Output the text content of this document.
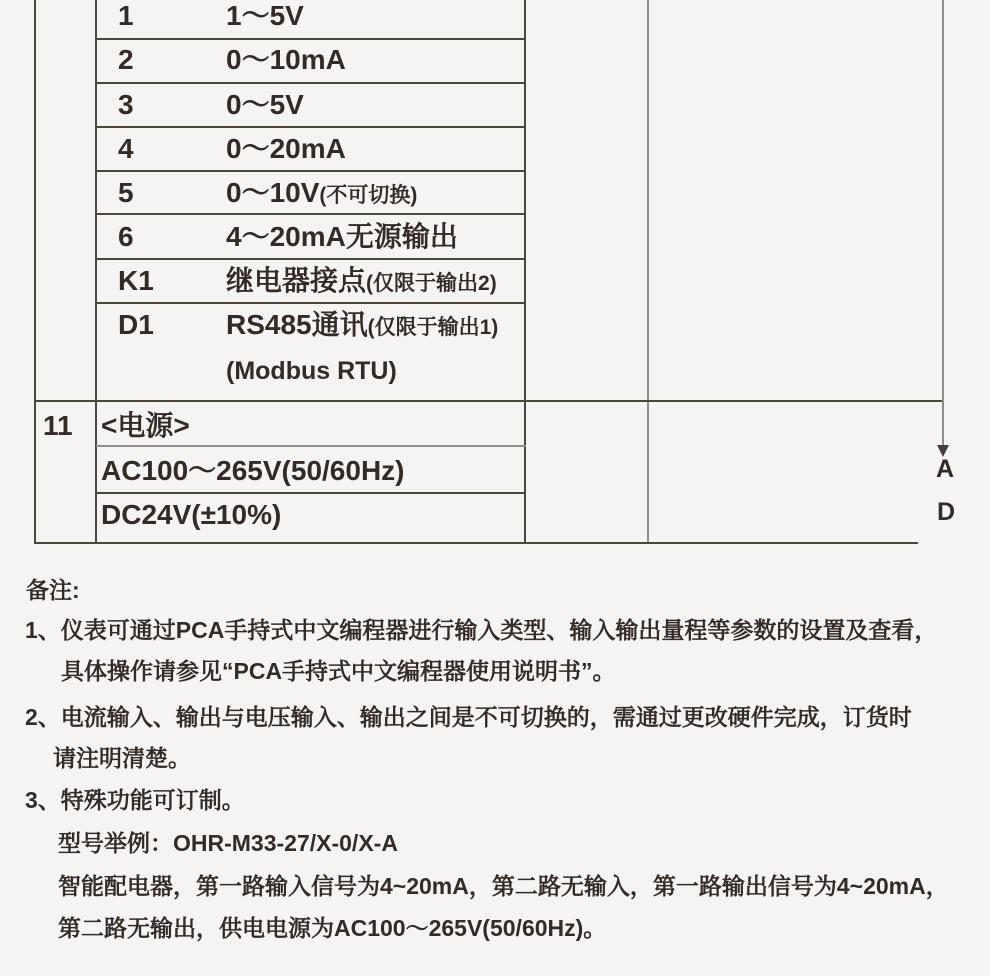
1	1～5V
2	0～10mA
3	0～5V
4	0～20mA
5	0～10V(不可切换)
6	4～20mA无源输出
K1	继电器接点(仅限于输出2)
D1	RS485通讯(仅限于输出1)
(Modbus RTU)
11 <电源>
AC100～265V(50/60Hz)
DC24V(±10%)
A
D
备注:
1、仪表可通过PCA手持式中文编程器进行输入类型、输入输出量程等参数的设置及查看，
具体操作请参见“PCA手持式中文编程器使用说明书”。
2、电流输入、输出与电压输入、输出之间是不可切换的，需通过更改硬件完成，订货时
请注明清楚。
3、特殊功能可订制。
型号举例：OHR-M33-27/X-0/X-A
智能配电器，第一路输入信号为4~20mA，第二路无输入，第一路输出信号为4~20mA，
第二路无输出，供电电源为AC100～265V(50/60Hz)。
